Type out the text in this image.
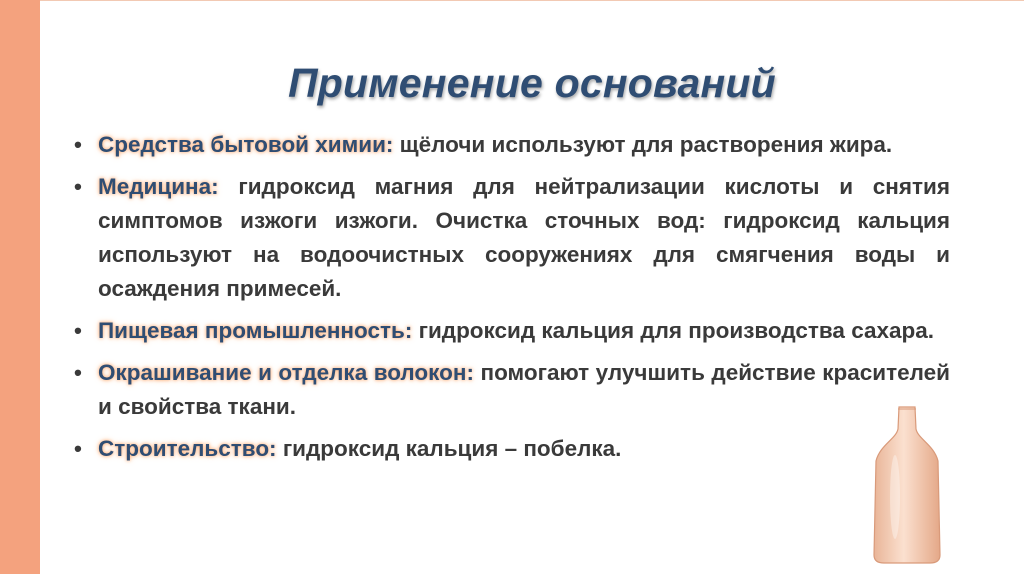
Применение оснований
• Средства бытовой химии: щёлочи используют для растворения жира.
• Медицина: гидроксид магния для нейтрализации кислоты и снятия симптомов изжоги изжоги. Очистка сточных вод: гидроксид кальция используют на водоочистных сооружениях для смягчения воды и осаждения примесей.
• Пищевая промышленность: гидроксид кальция для производства сахара.
• Окрашивание и отделка волокон: помогают улучшить действие красителей и свойства ткани.
• Строительство: гидроксид кальция – побелка.
